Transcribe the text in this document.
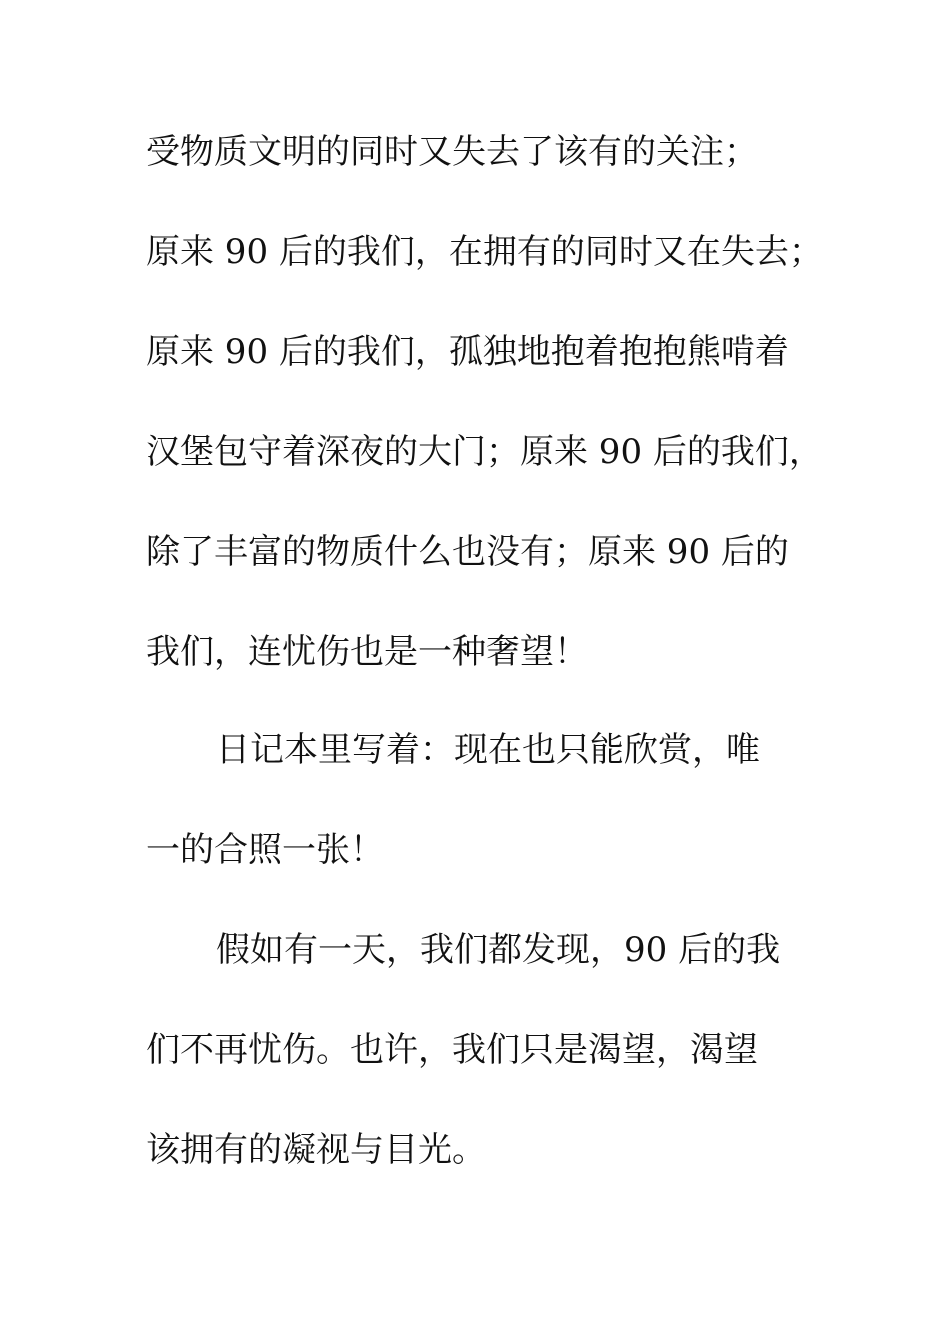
受物质文明的同时又失去了该有的关注；
原来 90 后的我们，在拥有的同时又在失去；
原来 90 后的我们，孤独地抱着抱抱熊啃着
汉堡包守着深夜的大门；原来 90 后的我们，
除了丰富的物质什么也没有；原来 90 后的
我们，连忧伤也是一种奢望！
日记本里写着：现在也只能欣赏，唯
一的合照一张！
假如有一天，我们都发现，90 后的我
们不再忧伤。也许，我们只是渴望，渴望
该拥有的凝视与目光。
